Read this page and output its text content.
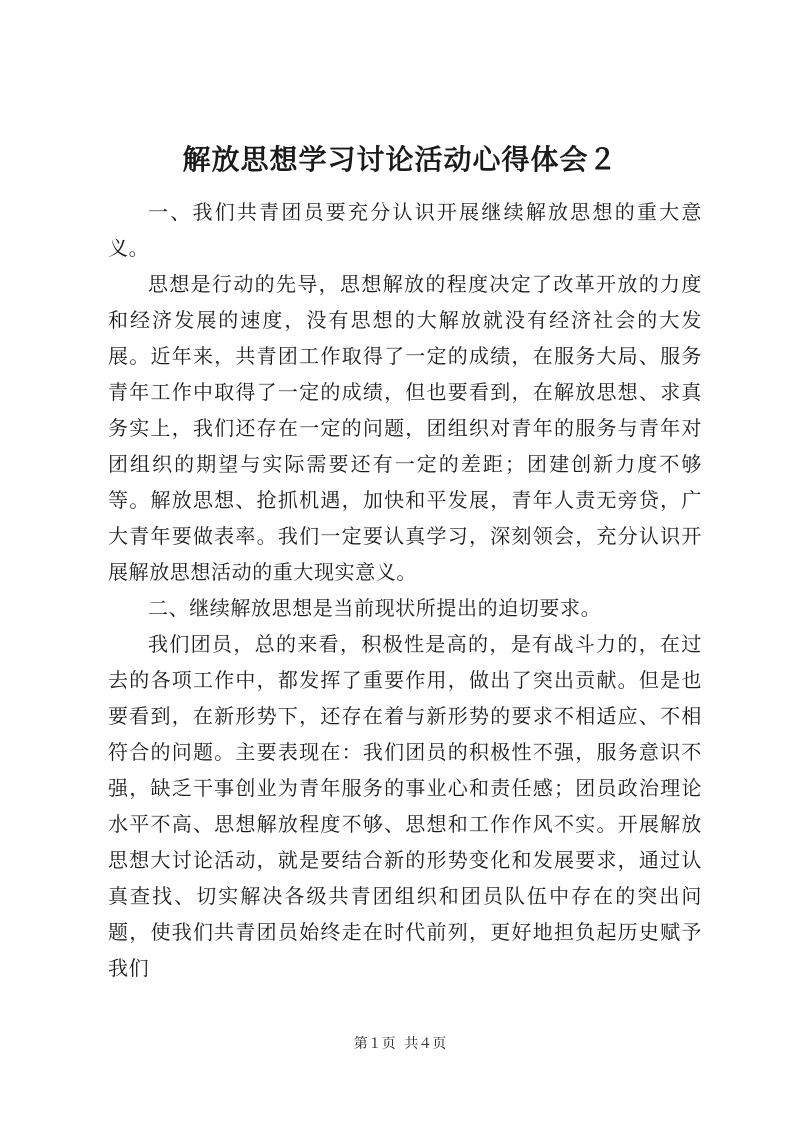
解放思想学习讨论活动心得体会２

一、我们共青团员要充分认识开展继续解放思想的重大意义。

思想是行动的先导，思想解放的程度决定了改革开放的力度和经济发展的速度，没有思想的大解放就没有经济社会的大发展。近年来，共青团工作取得了一定的成绩，在服务大局、服务青年工作中取得了一定的成绩，但也要看到，在解放思想、求真务实上，我们还存在一定的问题，团组织对青年的服务与青年对团组织的期望与实际需要还有一定的差距；团建创新力度不够等。解放思想、抢抓机遇，加快和平发展，青年人责无旁贷，广大青年要做表率。我们一定要认真学习，深刻领会，充分认识开展解放思想活动的重大现实意义。

二、继续解放思想是当前现状所提出的迫切要求。

我们团员，总的来看，积极性是高的，是有战斗力的，在过去的各项工作中，都发挥了重要作用，做出了突出贡献。但是也要看到，在新形势下，还存在着与新形势的要求不相适应、不相符合的问题。主要表现在：我们团员的积极性不强，服务意识不强，缺乏干事创业为青年服务的事业心和责任感；团员政治理论水平不高、思想解放程度不够、思想和工作作风不实。开展解放思想大讨论活动，就是要结合新的形势变化和发展要求，通过认真查找、切实解决各级共青团组织和团员队伍中存在的突出问题，使我们共青团员始终走在时代前列，更好地担负起历史赋予我们

第１页 共４页
